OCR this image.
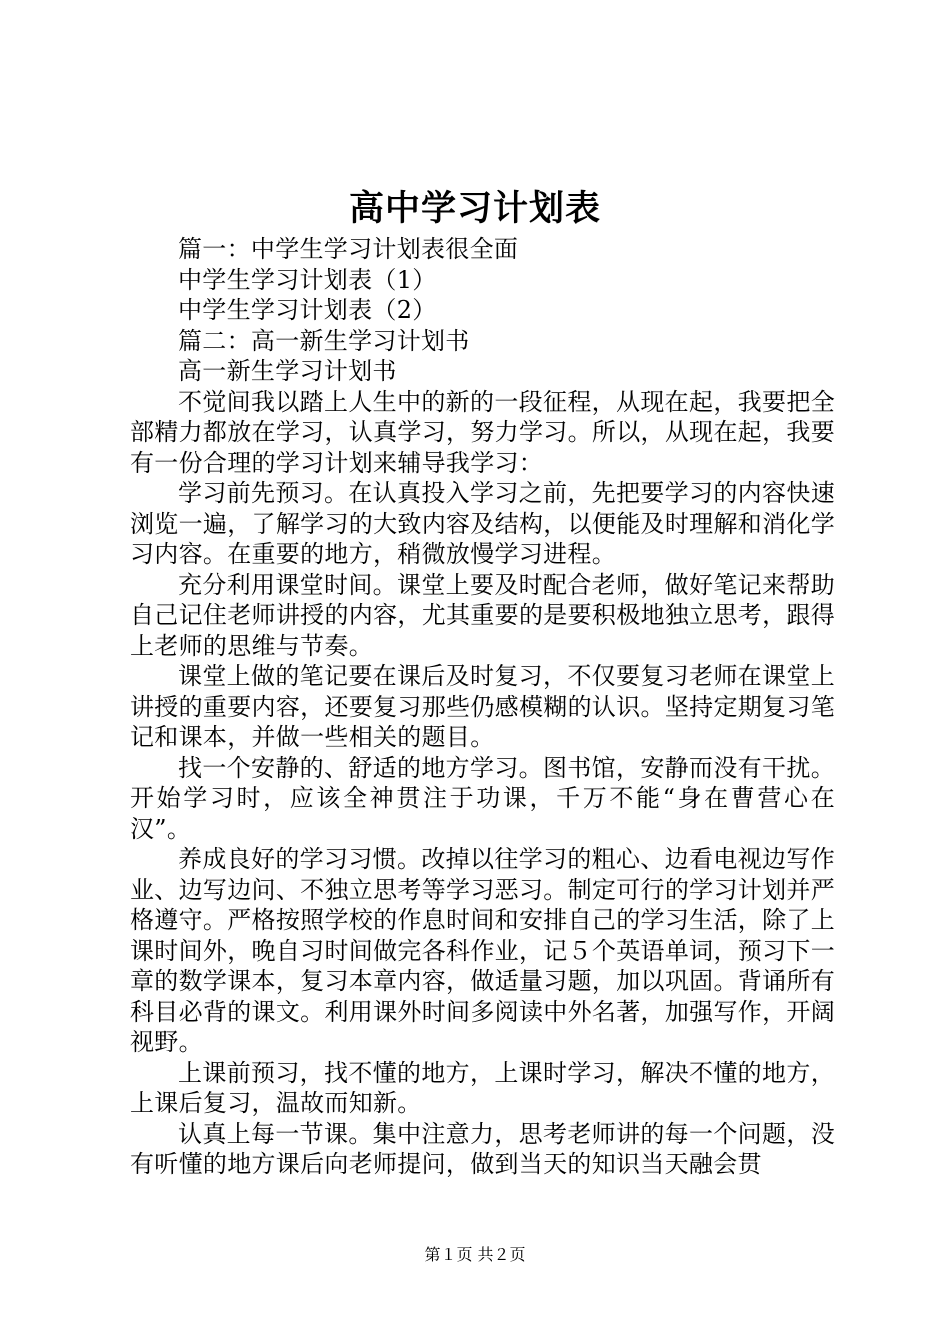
高中学习计划表

篇一：中学生学习计划表很全面

中学生学习计划表（1）

中学生学习计划表（2）

篇二：高一新生学习计划书

高一新生学习计划书

不觉间我以踏上人生中的新的一段征程，从现在起，我要把全部精力都放在学习，认真学习，努力学习。所以，从现在起，我要有一份合理的学习计划来辅导我学习：

学习前先预习。在认真投入学习之前，先把要学习的内容快速浏览一遍，了解学习的大致内容及结构，以便能及时理解和消化学习内容。在重要的地方，稍微放慢学习进程。

充分利用课堂时间。课堂上要及时配合老师，做好笔记来帮助自己记住老师讲授的内容，尤其重要的是要积极地独立思考，跟得上老师的思维与节奏。

课堂上做的笔记要在课后及时复习，不仅要复习老师在课堂上讲授的重要内容，还要复习那些仍感模糊的认识。坚持定期复习笔记和课本，并做一些相关的题目。

找一个安静的、舒适的地方学习。图书馆，安静而没有干扰。开始学习时，应该全神贯注于功课，千万不能“身在曹营心在汉”。

养成良好的学习习惯。改掉以往学习的粗心、边看电视边写作业、边写边问、不独立思考等学习恶习。制定可行的学习计划并严格遵守。严格按照学校的作息时间和安排自己的学习生活，除了上课时间外，晚自习时间做完各科作业，记５个英语单词，预习下一章的数学课本，复习本章内容，做适量习题，加以巩固。背诵所有科目必背的课文。利用课外时间多阅读中外名著，加强写作，开阔视野。

上课前预习，找不懂的地方，上课时学习，解决不懂的地方，上课后复习，温故而知新。

认真上每一节课。集中注意力，思考老师讲的每一个问题，没有听懂的地方课后向老师提问，做到当天的知识当天融会贯

第１页 共２页
